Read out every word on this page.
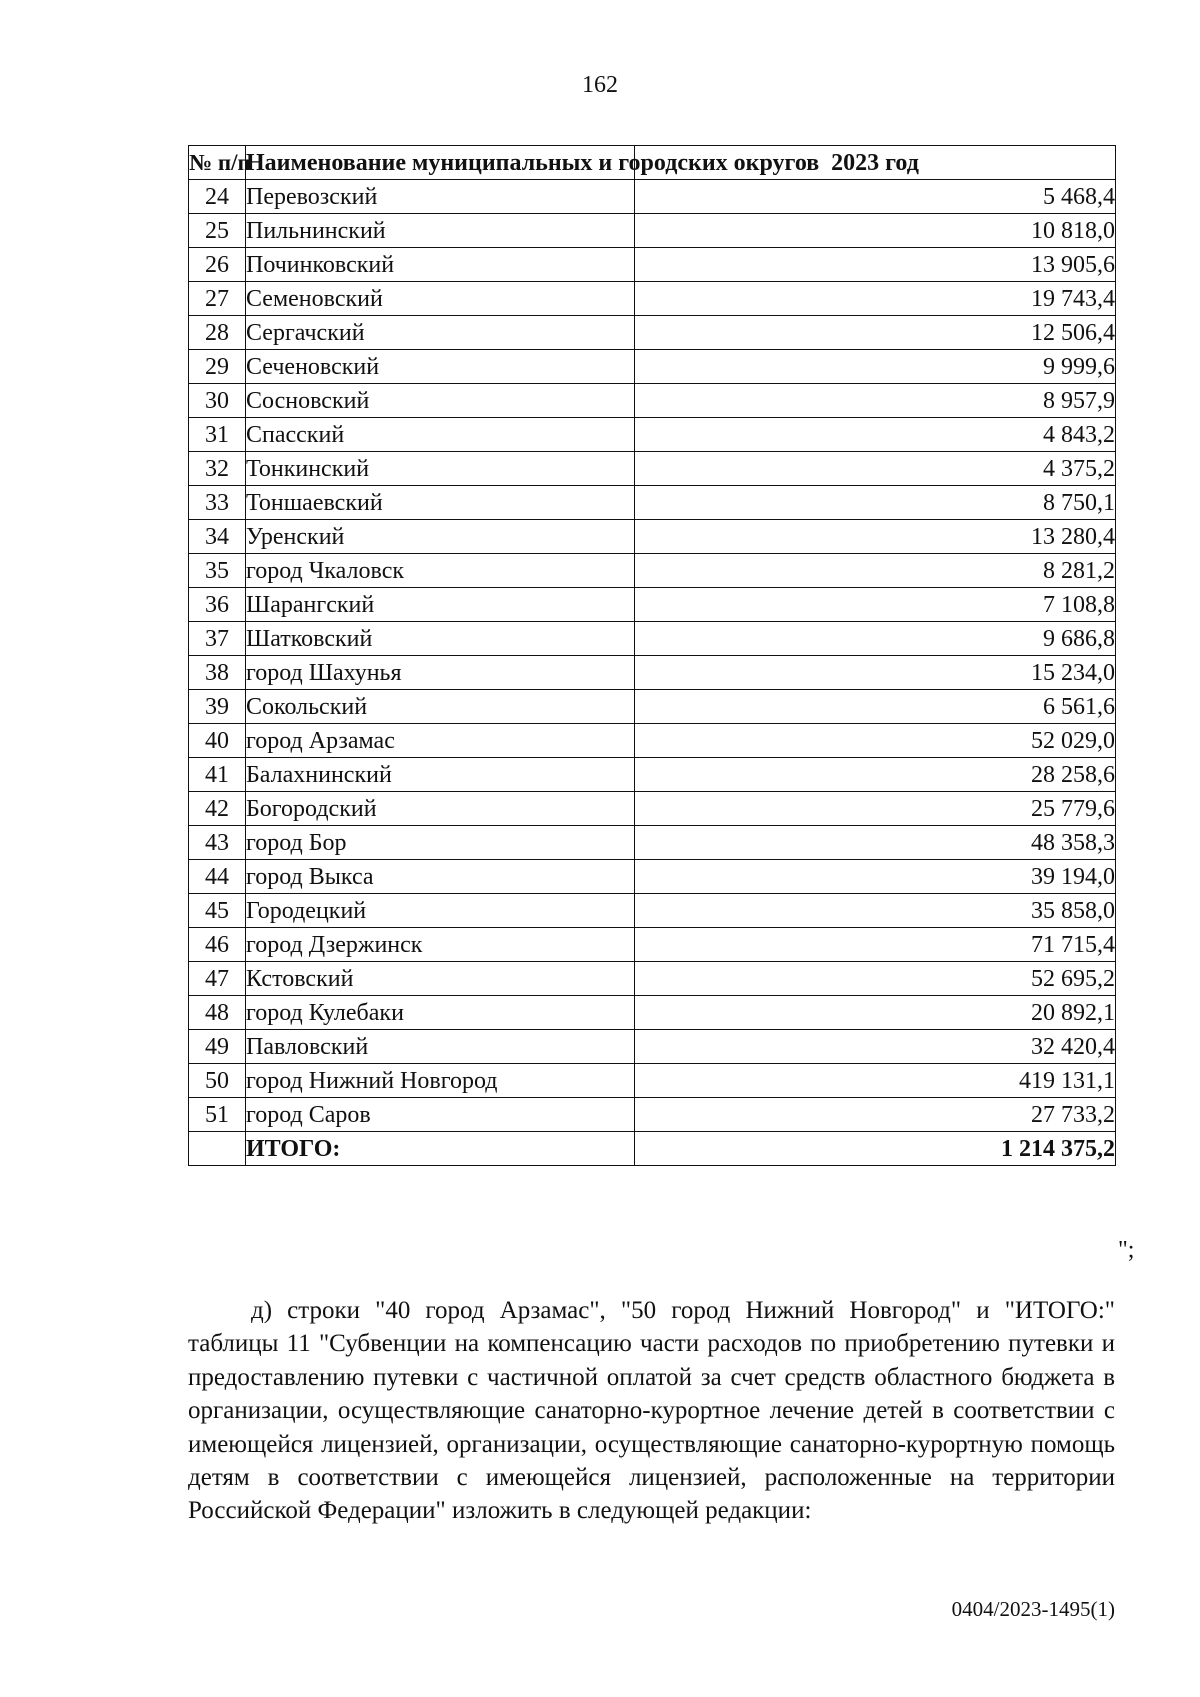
162
№ п/п	Наименование муниципальных и городских округов	2023 год
24	Перевозский	5 468,4
25	Пильнинский	10 818,0
26	Починковский	13 905,6
27	Семеновский	19 743,4
28	Сергачский	12 506,4
29	Сеченовский	9 999,6
30	Сосновский	8 957,9
31	Спасский	4 843,2
32	Тонкинский	4 375,2
33	Тоншаевский	8 750,1
34	Уренский	13 280,4
35	город Чкаловск	8 281,2
36	Шарангский	7 108,8
37	Шатковский	9 686,8
38	город Шахунья	15 234,0
39	Сокольский	6 561,6
40	город Арзамас	52 029,0
41	Балахнинский	28 258,6
42	Богородский	25 779,6
43	город Бор	48 358,3
44	город Выкса	39 194,0
45	Городецкий	35 858,0
46	город Дзержинск	71 715,4
47	Кстовский	52 695,2
48	город Кулебаки	20 892,1
49	Павловский	32 420,4
50	город Нижний Новгород	419 131,1
51	город Саров	27 733,2
	ИТОГО:	1 214 375,2
";
д) строки "40 город Арзамас", "50 город Нижний Новгород" и "ИТОГО:" таблицы 11 "Субвенции на компенсацию части расходов по приобретению путевки и предоставлению путевки с частичной оплатой за счет средств областного бюджета в организации, осуществляющие санаторно-курортное лечение детей в соответствии с имеющейся лицензией, организации, осуществляющие санаторно-курортную помощь детям в соответствии с имеющейся лицензией, расположенные на территории Российской Федерации" изложить в следующей редакции:
0404/2023-1495(1)
